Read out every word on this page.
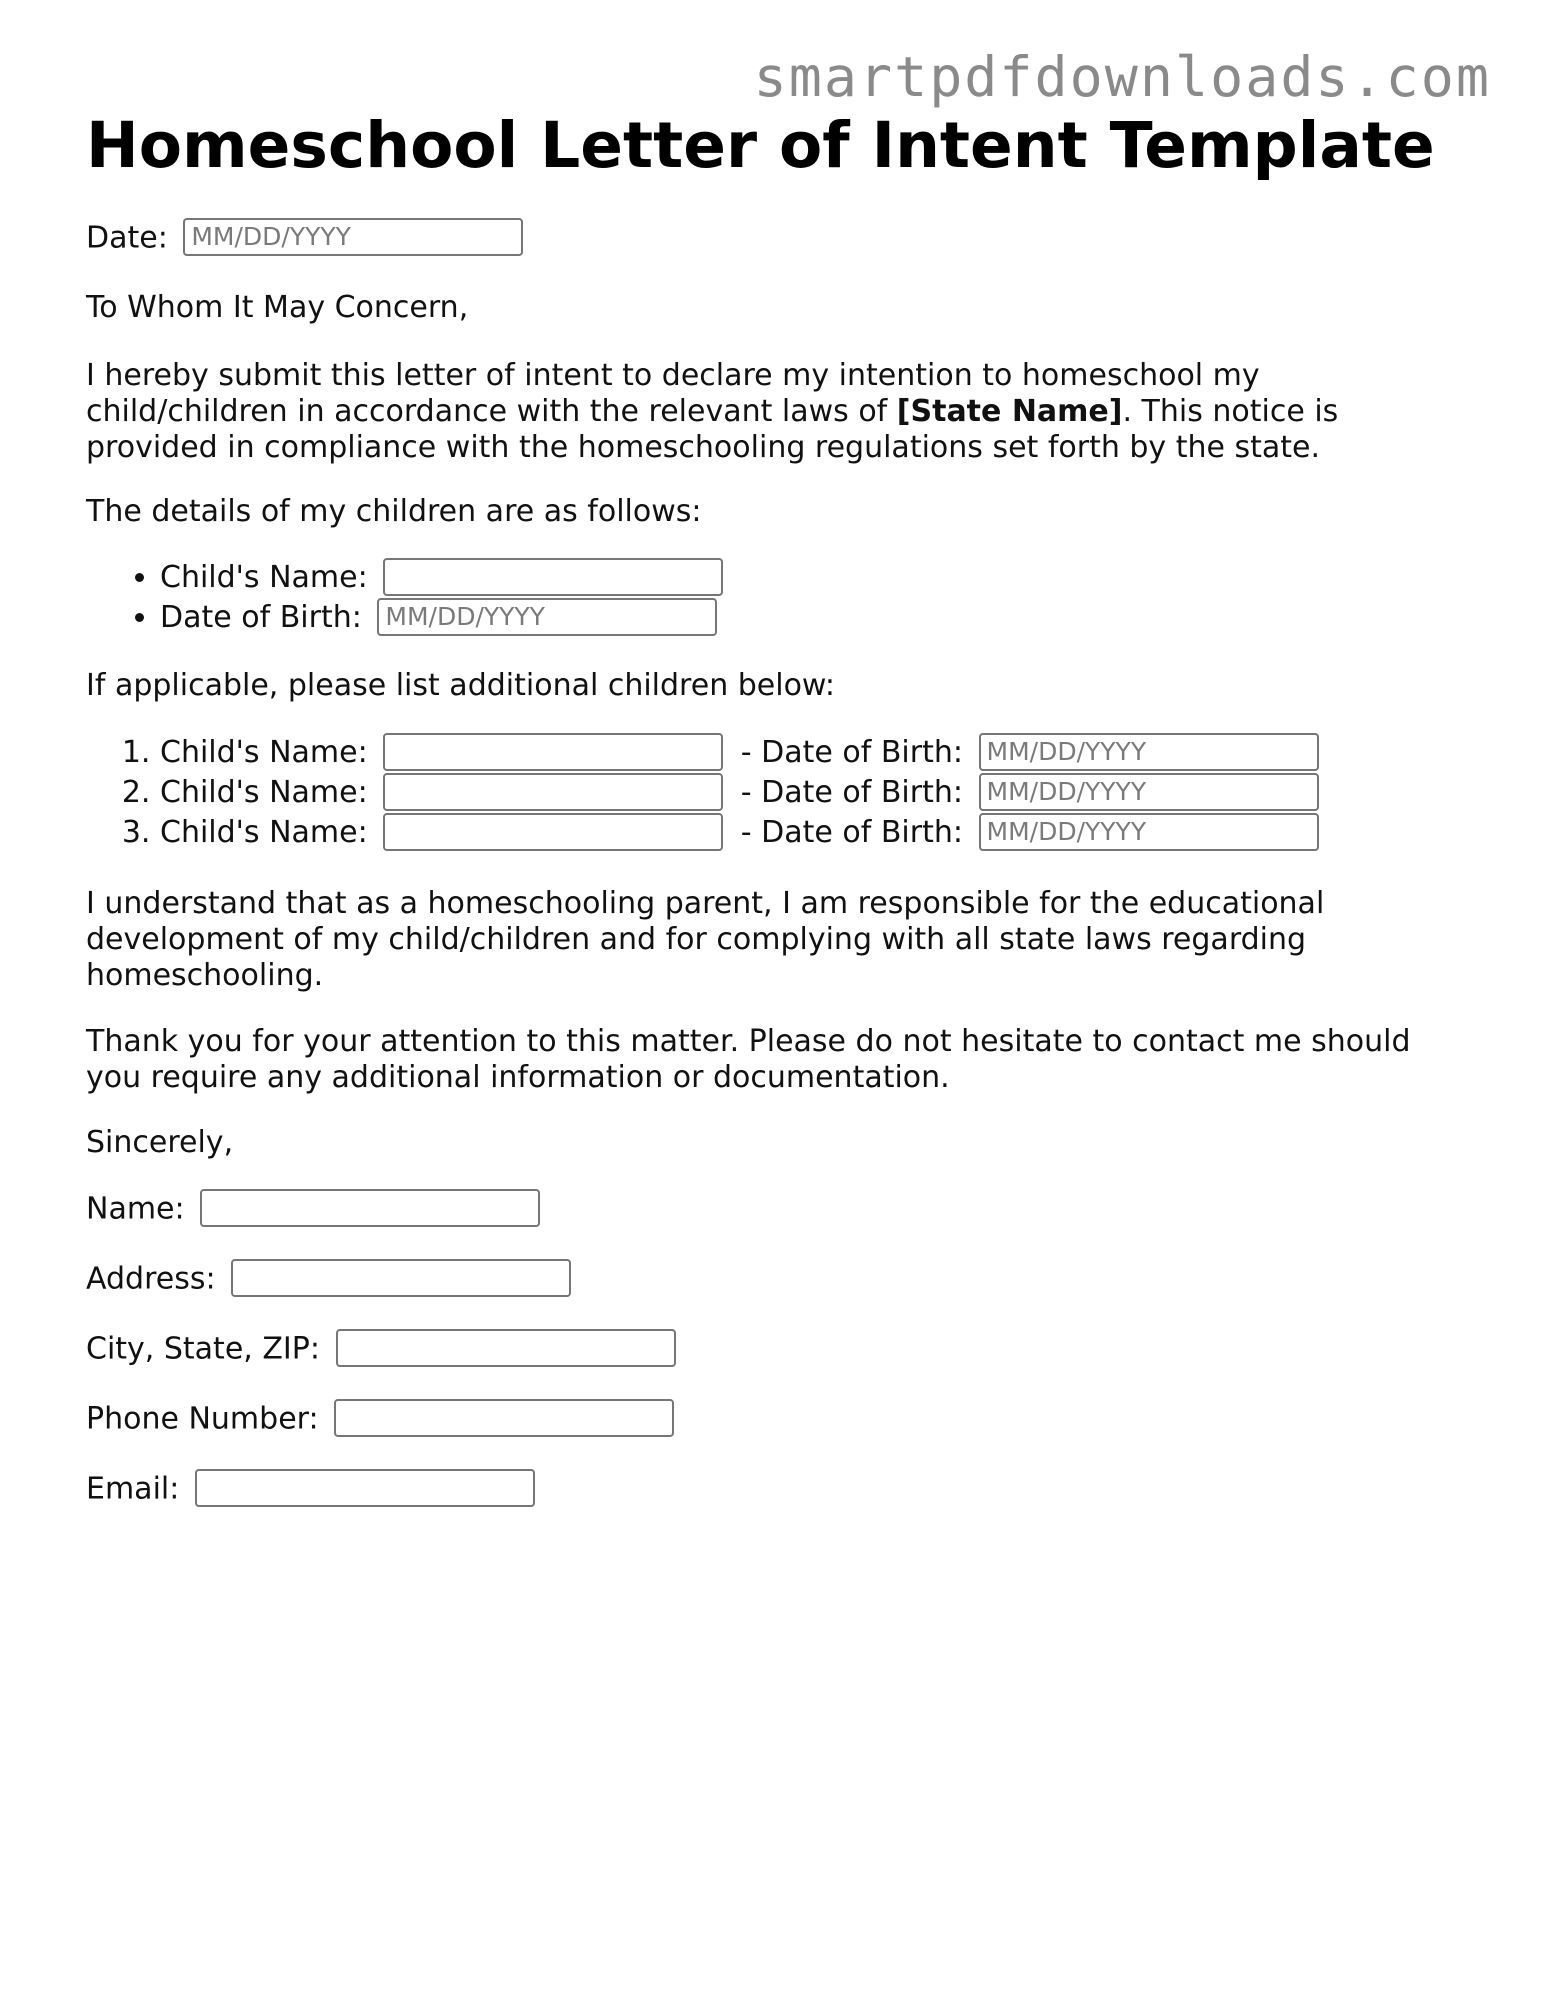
smartpdfdownloads.com
Homeschool Letter of Intent Template
Date: MM/DD/YYYY
To Whom It May Concern,
I hereby submit this letter of intent to declare my intention to homeschool my child/children in accordance with the relevant laws of [State Name]. This notice is provided in compliance with the homeschooling regulations set forth by the state.
The details of my children are as follows:
• Child's Name:
• Date of Birth: MM/DD/YYYY
If applicable, please list additional children below:
1. Child's Name:	- Date of Birth: MM/DD/YYYY
2. Child's Name:	- Date of Birth: MM/DD/YYYY
3. Child's Name:	- Date of Birth: MM/DD/YYYY
I understand that as a homeschooling parent, I am responsible for the educational development of my child/children and for complying with all state laws regarding homeschooling.
Thank you for your attention to this matter. Please do not hesitate to contact me should you require any additional information or documentation.
Sincerely,
Name:
Address:
City, State, ZIP:
Phone Number:
Email:
